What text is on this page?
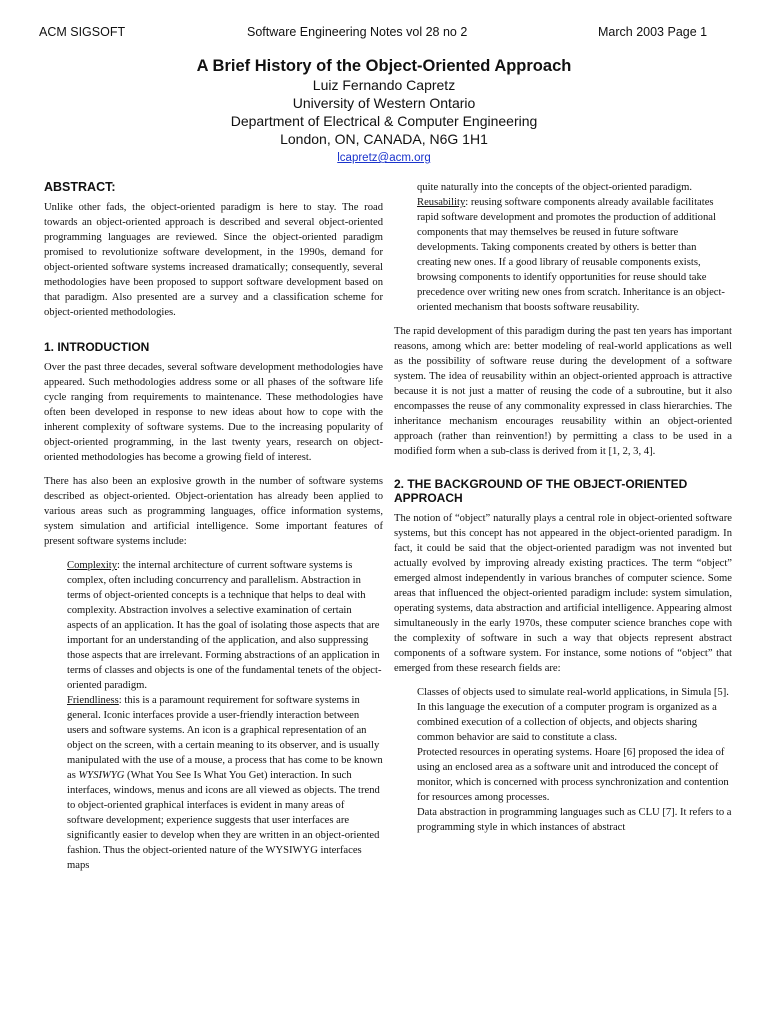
ACM SIGSOFT	Software Engineering Notes vol 28 no 2	March 2003 Page 1
A Brief History of the Object-Oriented Approach
Luiz Fernando Capretz
University of Western Ontario
Department of Electrical & Computer Engineering
London, ON, CANADA, N6G 1H1
lcapretz@acm.org
ABSTRACT:

Unlike other fads, the object-oriented paradigm is here to stay. The road towards an object-oriented approach is described and several object-oriented programming languages are reviewed. Since the object-oriented paradigm promised to revolutionize software development, in the 1990s, demand for object-oriented software systems increased dramatically; consequently, several methodologies have been proposed to support software development based on that paradigm. Also presented are a survey and a classification scheme for object-oriented methodologies.

1. INTRODUCTION

Over the past three decades, several software development methodologies have appeared. Such methodologies address some or all phases of the software life cycle ranging from requirements to maintenance. These methodologies have often been developed in response to new ideas about how to cope with the inherent complexity of software systems. Due to the increasing popularity of object-oriented programming, in the last twenty years, research on object-oriented methodologies has become a growing field of interest.

There has also been an explosive growth in the number of software systems described as object-oriented. Object-orientation has already been applied to various areas such as programming languages, office information systems, system simulation and artificial intelligence. Some important features of present software systems include:

Complexity: the internal architecture of current software systems is complex, often including concurrency and parallelism. Abstraction in terms of object-oriented concepts is a technique that helps to deal with complexity. Abstraction involves a selective examination of certain aspects of an application. It has the goal of isolating those aspects that are important for an understanding of the application, and also suppressing those aspects that are irrelevant. Forming abstractions of an application in terms of classes and objects is one of the fundamental tenets of the object-oriented paradigm.

Friendliness: this is a paramount requirement for software systems in general. Iconic interfaces provide a user-friendly interaction between users and software systems. An icon is a graphical representation of an object on the screen, with a certain meaning to its observer, and is usually manipulated with the use of a mouse, a process that has come to be known as WYSIWYG (What You See Is What You Get) interaction. In such interfaces, windows, menus and icons are all viewed as objects. The trend to object-oriented graphical interfaces is evident in many areas of software development; experience suggests that user interfaces are significantly easier to develop when they are written in an object-oriented fashion. Thus the object-oriented nature of the WYSIWYG interfaces maps

quite naturally into the concepts of the object-oriented paradigm.

Reusability: reusing software components already available facilitates rapid software development and promotes the production of additional components that may themselves be reused in future software developments. Taking components created by others is better than creating new ones. If a good library of reusable components exists, browsing components to identify opportunities for reuse should take precedence over writing new ones from scratch. Inheritance is an object-oriented mechanism that boosts software reusability.

The rapid development of this paradigm during the past ten years has important reasons, among which are: better modeling of real-world applications as well as the possibility of software reuse during the development of a software system. The idea of reusability within an object-oriented approach is attractive because it is not just a matter of reusing the code of a subroutine, but it also encompasses the reuse of any commonality expressed in class hierarchies. The inheritance mechanism encourages reusability within an object-oriented approach (rather than reinvention!) by permitting a class to be used in a modified form when a sub-class is derived from it [1, 2, 3, 4].

2. THE BACKGROUND OF THE OBJECT-ORIENTED APPROACH

The notion of “object” naturally plays a central role in object-oriented software systems, but this concept has not appeared in the object-oriented paradigm. In fact, it could be said that the object-oriented paradigm was not invented but actually evolved by improving already existing practices. The term “object” emerged almost independently in various branches of computer science. Some areas that influenced the object-oriented paradigm include: system simulation, operating systems, data abstraction and artificial intelligence. Appearing almost simultaneously in the early 1970s, these computer science branches cope with the complexity of software in such a way that objects represent abstract components of a software system. For instance, some notions of “object” that emerged from these research fields are:

Classes of objects used to simulate real-world applications, in Simula [5]. In this language the execution of a computer program is organized as a combined execution of a collection of objects, and objects sharing common behavior are said to constitute a class.

Protected resources in operating systems. Hoare [6] proposed the idea of using an enclosed area as a software unit and introduced the concept of monitor, which is concerned with process synchronization and contention for resources among processes.

Data abstraction in programming languages such as CLU [7]. It refers to a programming style in which instances of abstract
